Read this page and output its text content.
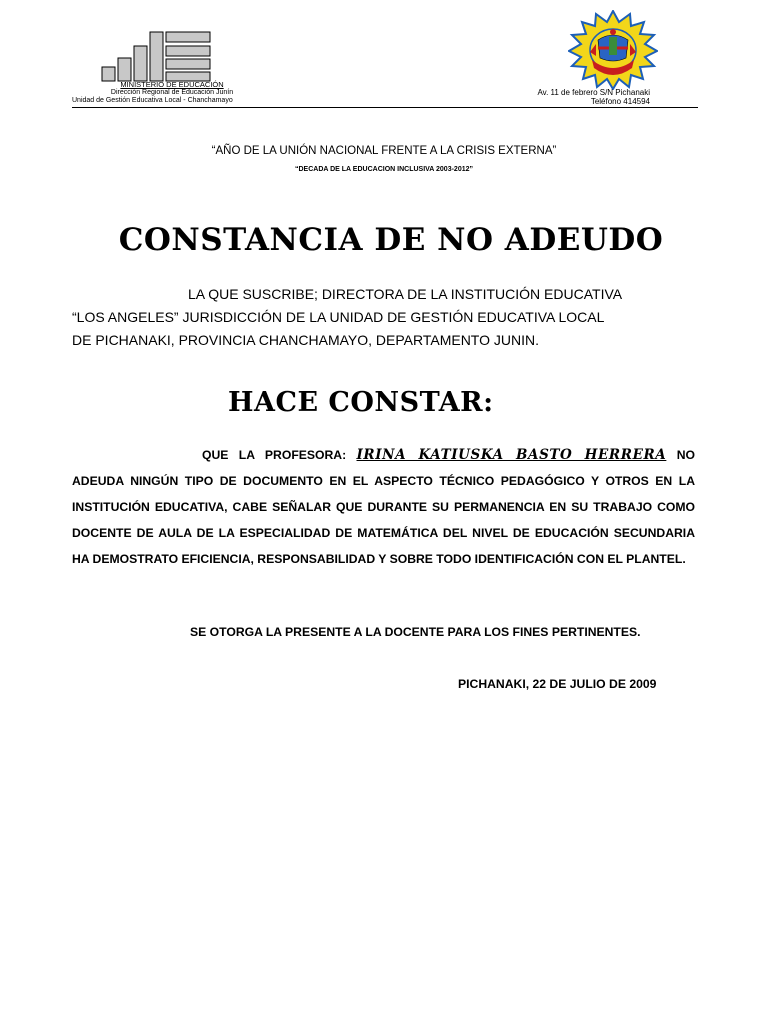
MINISTERIO DE EDUCACIÓN
Dirección Regional de Educación Junín
Unidad de Gestión Educativa Local - Chanchamayo
Av. 11 de febrero S/N Pichanaki
Teléfono 414594
“AÑO DE LA UNIÓN NACIONAL FRENTE A LA CRISIS EXTERNA”
“DECADA DE LA EDUCACION INCLUSIVA 2003-2012”
CONSTANCIA DE NO ADEUDO
LA QUE SUSCRIBE; DIRECTORA DE LA INSTITUCIÓN EDUCATIVA
“LOS ANGELES” JURISDICCIÓN DE LA UNIDAD DE GESTIÓN EDUCATIVA LOCAL
DE PICHANAKI, PROVINCIA CHANCHAMAYO, DEPARTAMENTO JUNIN.
HACE CONSTAR:
QUE LA PROFESORA: IRINA KATIUSKA BASTO HERRERA NO ADEUDA NINGÚN TIPO DE DOCUMENTO EN EL ASPECTO TÉCNICO PEDAGÓGICO Y OTROS EN LA INSTITUCIÓN EDUCATIVA, CABE SEÑALAR QUE DURANTE SU PERMANENCIA EN SU TRABAJO COMO DOCENTE DE AULA DE LA ESPECIALIDAD DE MATEMÁTICA DEL NIVEL DE EDUCACIÓN SECUNDARIA HA DEMOSTRATO EFICIENCIA, RESPONSABILIDAD Y SOBRE TODO IDENTIFICACIÓN CON EL PLANTEL.
SE OTORGA LA PRESENTE A LA DOCENTE PARA LOS FINES PERTINENTES.
PICHANAKI, 22 DE JULIO DE 2009
